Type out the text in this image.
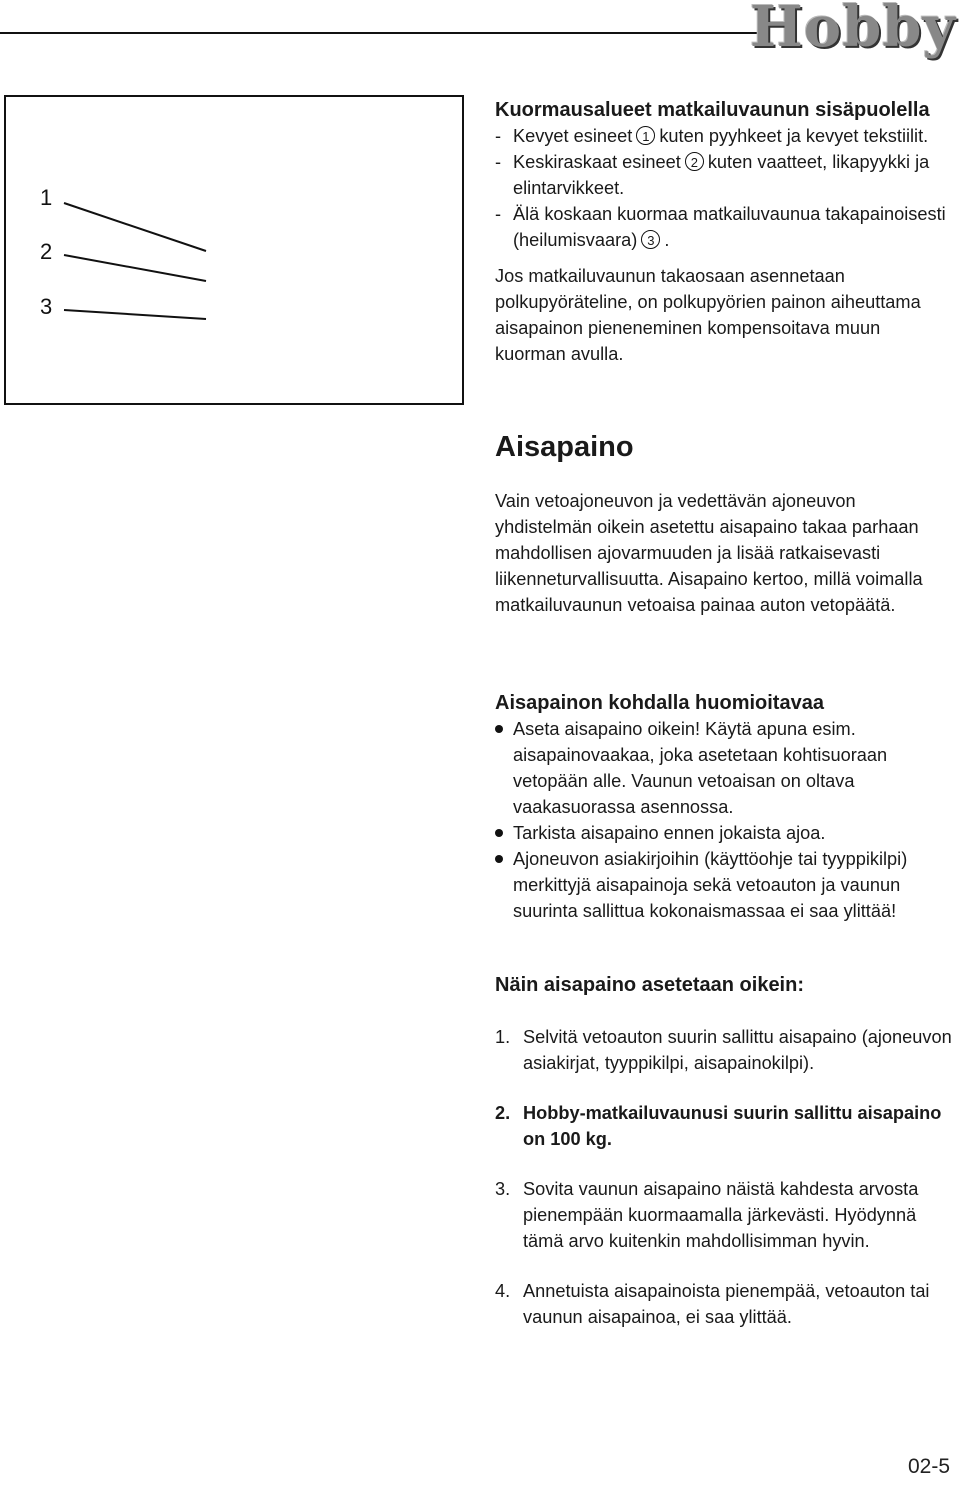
Hobby
1
2
3
Kuormausalueet matkailuvaunun sisäpuolella
- Kevyet esineet 1 kuten pyyhkeet ja kevyet tekstiilit.
- Keskiraskaat esineet 2 kuten vaatteet, likapyykki ja elintarvikkeet.
- Älä koskaan kuormaa matkailuvaunua takapainoisesti (heilumisvaara) 3 .
Jos matkailuvaunun takaosaan asennetaan polkupyöräteline, on polkupyörien painon aiheuttama aisapainon pieneneminen kompensoitava muun kuorman avulla.
Aisapaino
Vain vetoajoneuvon ja vedettävän ajoneuvon yhdistelmän oikein asetettu aisapaino takaa parhaan mahdollisen ajovarmuuden ja lisää ratkaisevasti liikenneturvallisuutta. Aisapaino kertoo, millä voimalla matkailuvaunun vetoaisa painaa auton vetopäätä.
Aisapainon kohdalla huomioitavaa
Aseta aisapaino oikein! Käytä apuna esim. aisapainovaakaa, joka asetetaan kohtisuoraan vetopään alle. Vaunun vetoaisan on oltava vaakasuorassa asennossa.
Tarkista aisapaino ennen jokaista ajoa.
Ajoneuvon asiakirjoihin (käyttöohje tai tyyppikilpi) merkittyjä aisapainoja sekä vetoauton ja vaunun suurinta sallittua kokonaismassaa ei saa ylittää!
Näin aisapaino asetetaan oikein:
1. Selvitä vetoauton suurin sallittu aisapaino (ajoneuvon asiakirjat, tyyppikilpi, aisapainokilpi).
2. Hobby-matkailuvaunusi suurin sallittu aisapaino on 100 kg.
3. Sovita vaunun aisapaino näistä kahdesta arvosta pienempään kuormaamalla järkevästi. Hyödynnä tämä arvo kuitenkin mahdollisimman hyvin.
4. Annetuista aisapainoista pienempää, vetoauton tai vaunun aisapainoa, ei saa ylittää.
02-5
